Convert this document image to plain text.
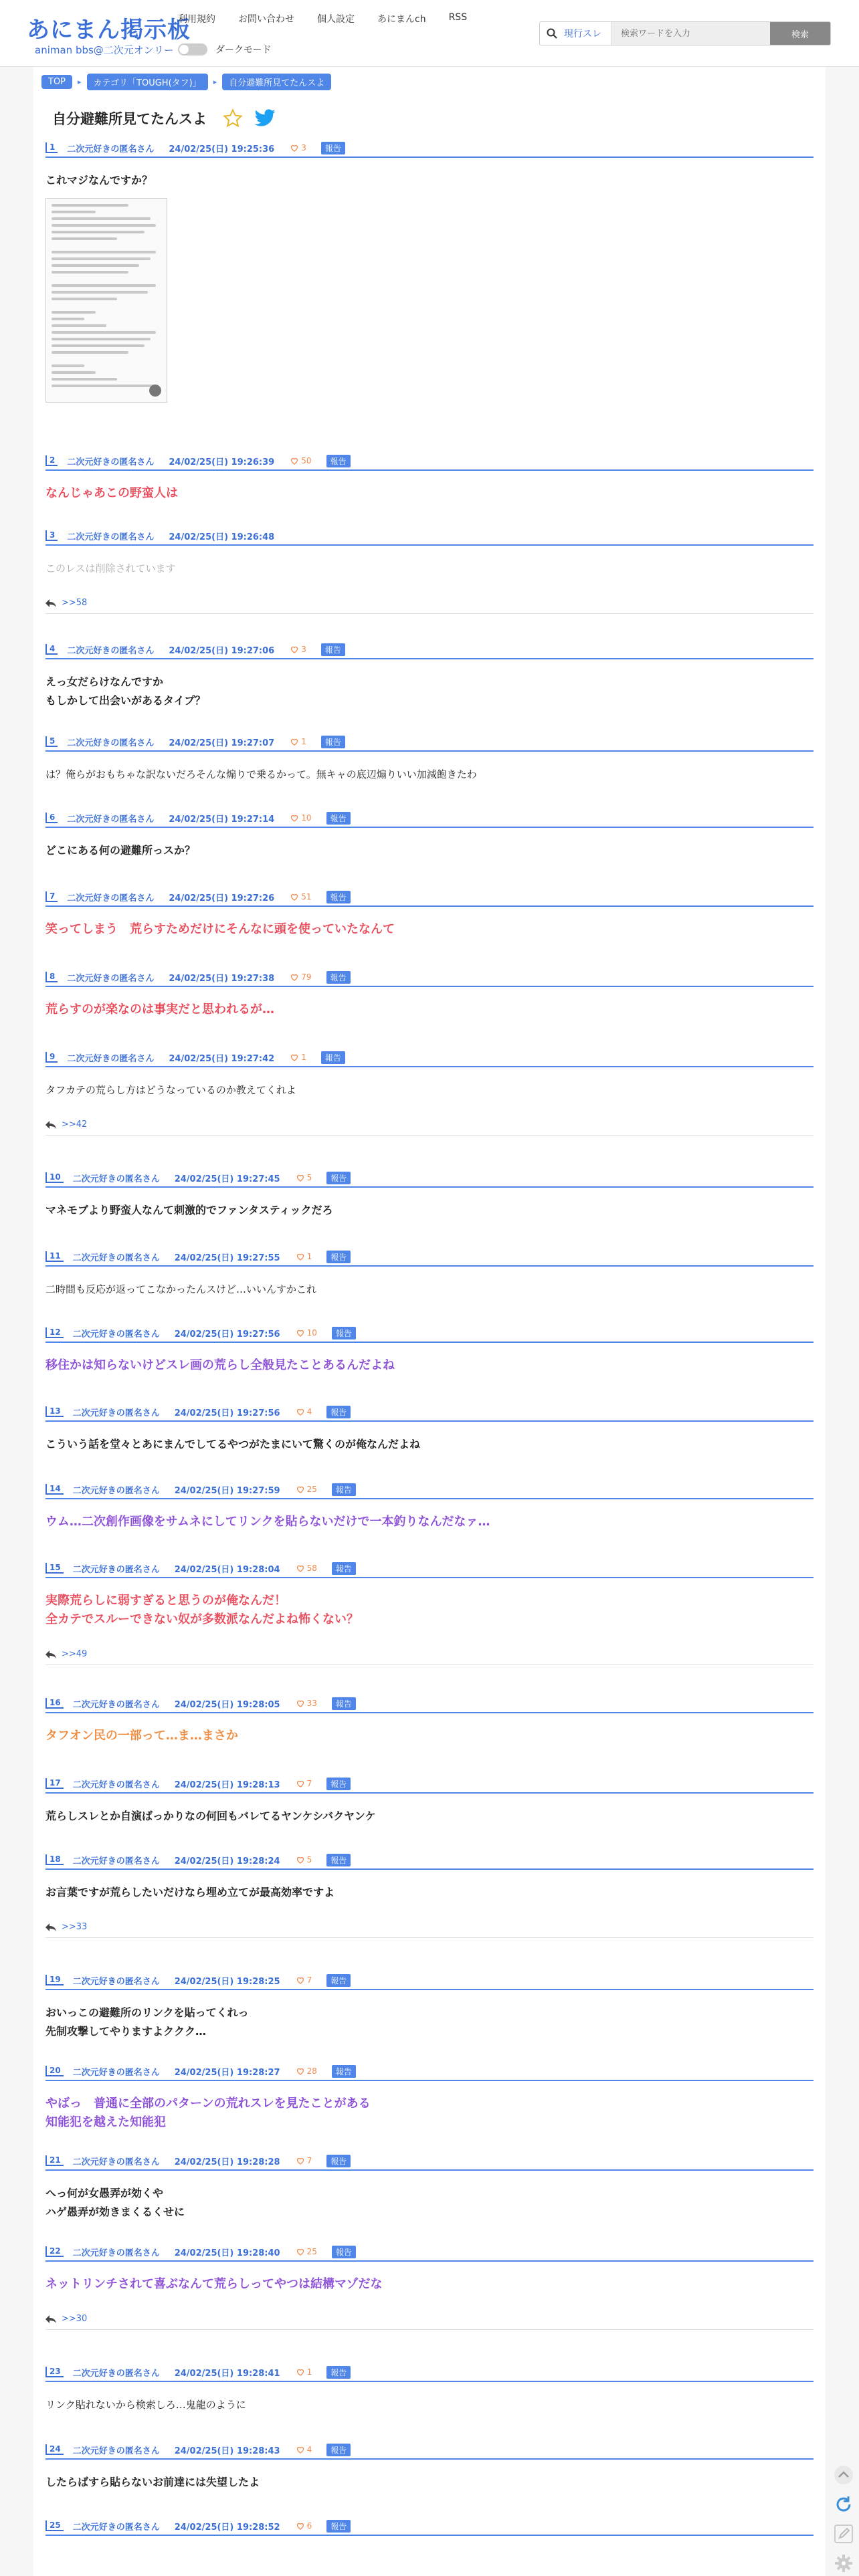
あにまん掲示板
animan bbs@二次元オンリー
利用規約 お問い合わせ 個人設定 あにまんch RSS
ダークモード
現行スレ
検索ワードを入力	検索
TOP	▸	カテゴリ「TOUGH(タフ)」	▸	自分避難所見てたんスよ
自分避難所見てたんスよ
1	二次元好きの匿名さん 24/02/25(日) 19:25:36	3	報告
これマジなんですか？
2	二次元好きの匿名さん 24/02/25(日) 19:26:39	50	報告
なんじゃあこの野蛮人は
3	二次元好きの匿名さん 24/02/25(日) 19:26:48
このレスは削除されています
>>58
4	二次元好きの匿名さん 24/02/25(日) 19:27:06	3	報告
えっ女だらけなんですか
もしかして出会いがあるタイプ？
5	二次元好きの匿名さん 24/02/25(日) 19:27:07	1	報告
は？俺らがおもちゃな訳ないだろそんな煽りで乗るかって。無キャの底辺煽りいい加減飽きたわ
6	二次元好きの匿名さん 24/02/25(日) 19:27:14	10	報告
どこにある何の避難所っスか？
7	二次元好きの匿名さん 24/02/25(日) 19:27:26	51	報告
笑ってしまう　荒らすためだけにそんなに頭を使っていたなんて
8	二次元好きの匿名さん 24/02/25(日) 19:27:38	79	報告
荒らすのが楽なのは事実だと思われるが…
9	二次元好きの匿名さん 24/02/25(日) 19:27:42	1	報告
タフカテの荒らし方はどうなっているのか教えてくれよ
>>42
10	二次元好きの匿名さん 24/02/25(日) 19:27:45	5	報告
マネモブより野蛮人なんて刺激的でファンタスティックだろ
11	二次元好きの匿名さん 24/02/25(日) 19:27:55	1	報告
二時間も反応が返ってこなかったんスけど…いいんすかこれ
12	二次元好きの匿名さん 24/02/25(日) 19:27:56	10	報告
移住かは知らないけどスレ画の荒らし全般見たことあるんだよね
13	二次元好きの匿名さん 24/02/25(日) 19:27:56	4	報告
こういう話を堂々とあにまんでしてるやつがたまにいて驚くのが俺なんだよね
14	二次元好きの匿名さん 24/02/25(日) 19:27:59	25	報告
ウム…二次創作画像をサムネにしてリンクを貼らないだけで一本釣りなんだなァ…
15	二次元好きの匿名さん 24/02/25(日) 19:28:04	58	報告
実際荒らしに弱すぎると思うのが俺なんだ！
全カテでスルーできない奴が多数派なんだよね怖くない？
>>49
16	二次元好きの匿名さん 24/02/25(日) 19:28:05	33	報告
タフオン民の一部って…ま…まさか
17	二次元好きの匿名さん 24/02/25(日) 19:28:13	7	報告
荒らしスレとか自演ばっかりなの何回もバレてるヤンケシバクヤンケ
18	二次元好きの匿名さん 24/02/25(日) 19:28:24	5	報告
お言葉ですが荒らしたいだけなら埋め立てが最高効率ですよ
>>33
19	二次元好きの匿名さん 24/02/25(日) 19:28:25	7	報告
おいっこの避難所のリンクを貼ってくれっ
先制攻撃してやりますよククク…
20	二次元好きの匿名さん 24/02/25(日) 19:28:27	28	報告
やばっ　普通に全部のパターンの荒れスレを見たことがある
知能犯を越えた知能犯
21	二次元好きの匿名さん 24/02/25(日) 19:28:28	7	報告
へっ何が女愚弄が効くや
ハゲ愚弄が効きまくるくせに
22	二次元好きの匿名さん 24/02/25(日) 19:28:40	25	報告
ネットリンチされて喜ぶなんて荒らしってやつは結構マゾだな
>>30
23	二次元好きの匿名さん 24/02/25(日) 19:28:41	1	報告
リンク貼れないから検索しろ…鬼龍のように
24	二次元好きの匿名さん 24/02/25(日) 19:28:43	4	報告
したらばすら貼らないお前達には失望したよ
25	二次元好きの匿名さん 24/02/25(日) 19:28:52	6	報告
